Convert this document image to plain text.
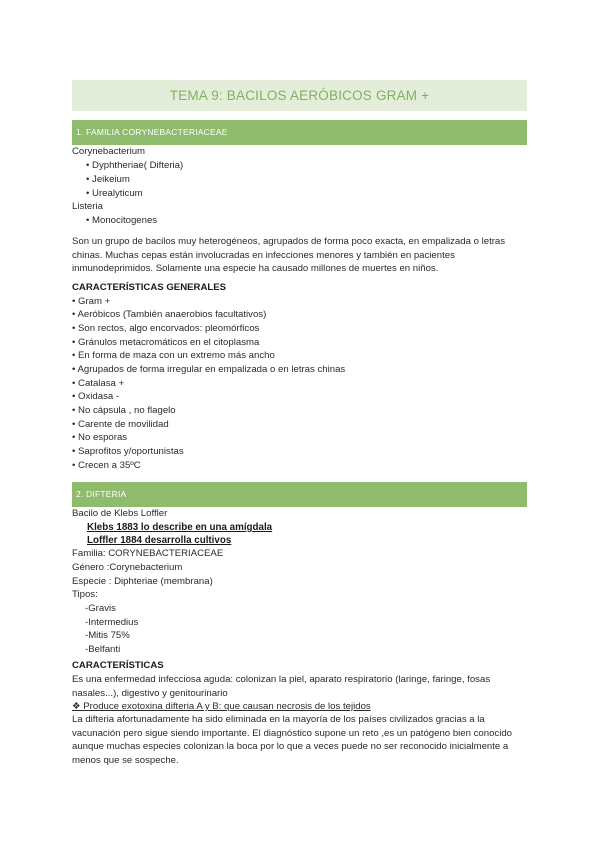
TEMA 9: BACILOS AERÓBICOS GRAM +
1. FAMILIA CORYNEBACTERIACEAE
Corynebacterium
• Dyphtheriae( Difteria)
• Jeikeium
• Urealyticum
Listeria
• Monocitogenes
Son un grupo de bacilos muy heterogéneos, agrupados de forma poco exacta, en empalizada o letras chinas. Muchas cepas están involucradas en infecciones menores y también en pacientes inmunodeprimidos. Solamente una especie ha causado millones de muertes en niños.
CARACTERÍSTICAS GENERALES
• Gram +
• Aeróbicos (También anaerobios facultativos)
• Son rectos, algo encorvados: pleomórficos
• Gránulos metacromáticos en el citoplasma
• En forma de maza con un extremo más ancho
• Agrupados de forma irregular en empalizada o en letras chinas
• Catalasa +
• Oxidasa -
• No cápsula , no flagelo
• Carente de movilidad
• No esporas
• Saprofitos y/oportunistas
• Crecen a 35ºC
2. DIFTERIA
Bacilo de Klebs Loffler
Klebs 1883 lo describe en una amígdala
Loffler 1884 desarrolla cultivos
Familia: CORYNEBACTERIACEAE
Género :Corynebacterium
Especie : Diphteriae (membrana)
Tipos:
-Gravis
-Intermedius
-Mitis 75%
-Belfanti
CARACTERÍSTICAS
Es una enfermedad infecciosa aguda: colonizan la piel, aparato respiratorio (laringe, faringe, fosas nasales...), digestivo y genitourinario
❖ Produce exotoxina difteria A y B: que causan necrosis de los tejidos
La difteria afortunadamente ha sido eliminada en la mayoría de los países civilizados gracias a la vacunación pero sigue siendo importante. El diagnóstico supone un reto ,es un patógeno bien conocido aunque muchas especies colonizan la boca por lo que a veces puede no ser reconocido inicialmente a menos que se sospeche.
